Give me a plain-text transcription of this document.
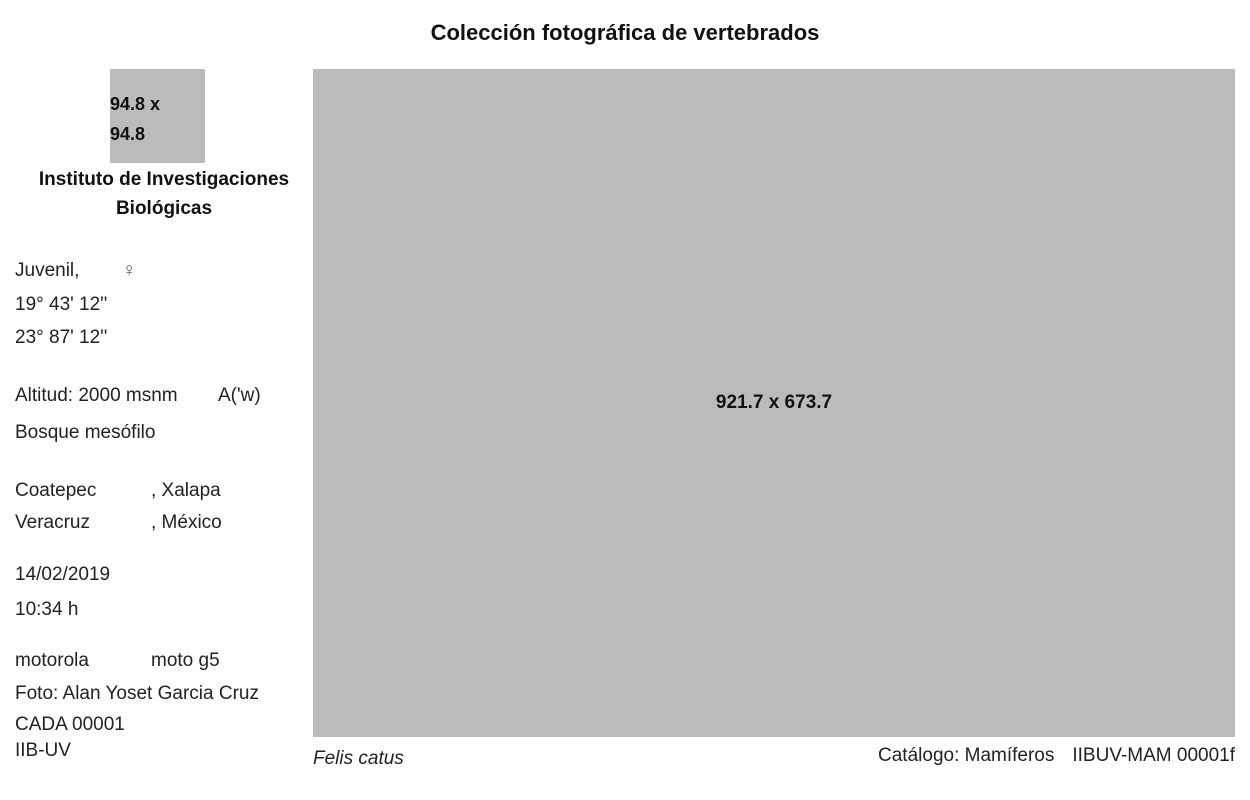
Colección fotográfica de vertebrados
94.8 x
94.8
Instituto de Investigaciones Biológicas
Juvenil, ♀
19° 43' 12''
23° 87' 12''
Altitud: 2000 msnm A('w)
Bosque mesófilo
Coatepec	, Xalapa
Veracruz	, México
14/02/2019
10:34 h
motorola	moto g5
Foto: Alan Yoset Garcia Cruz
CADA 00001
IIB-UV
921.7 x 673.7
Felis catus	Catálogo: Mamíferos IIBUV-MAM 00001f
